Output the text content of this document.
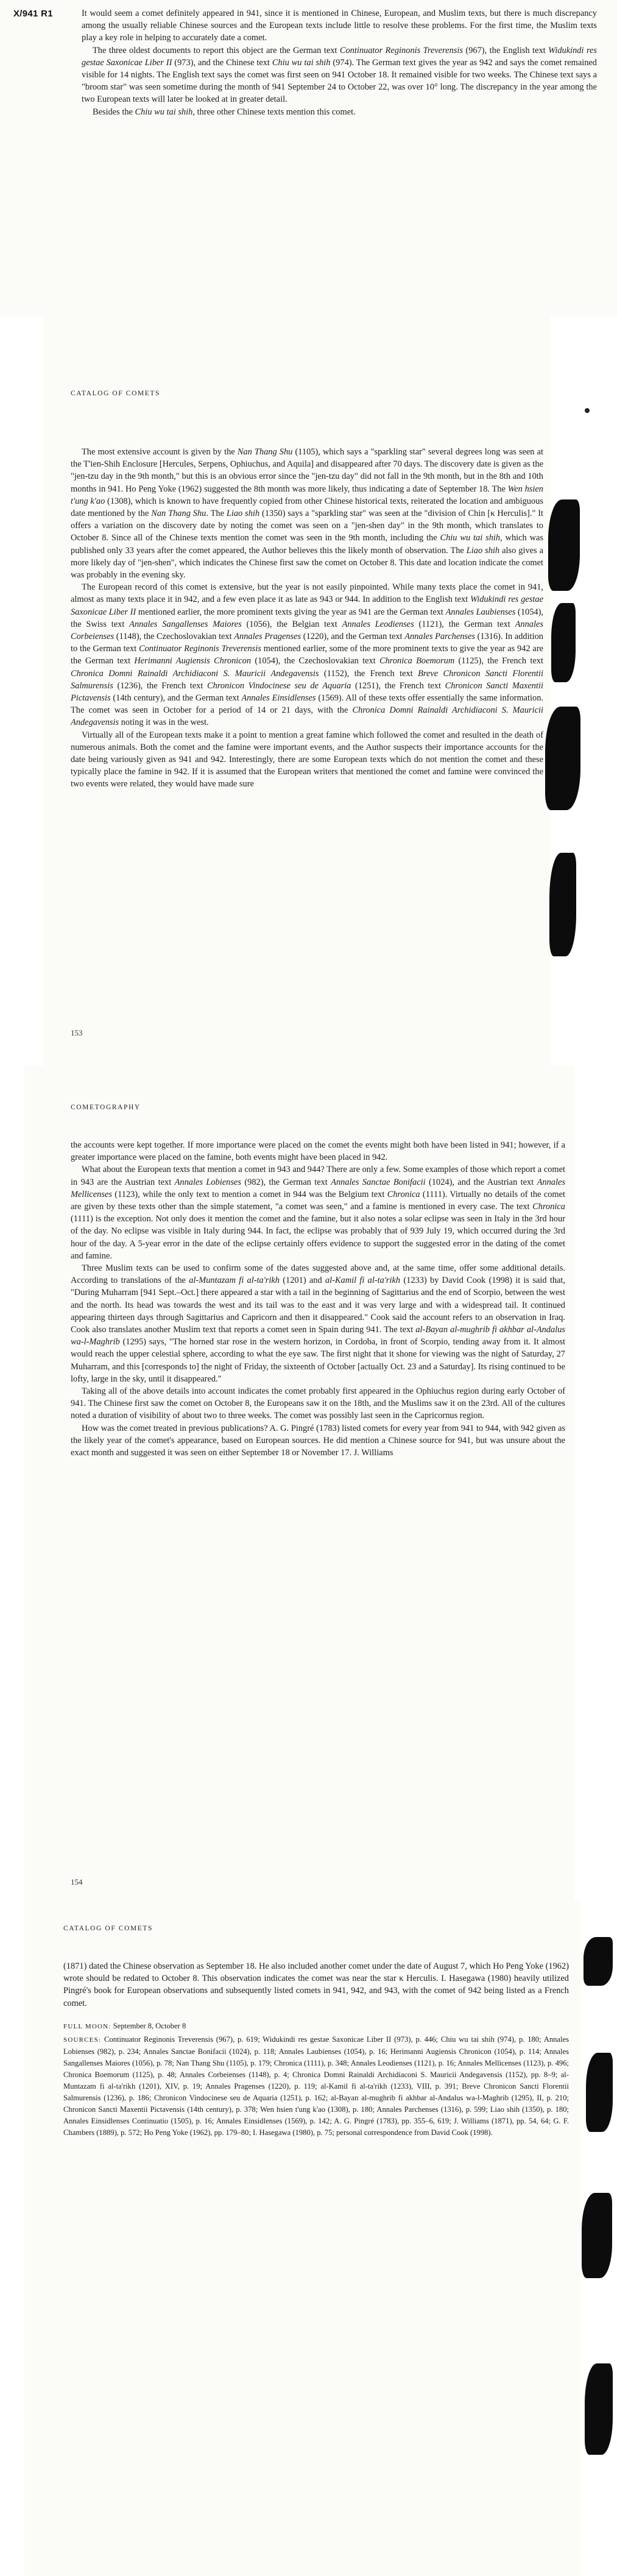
X/941 R1	It would seem a comet definitely appeared in 941, since it is mentioned in Chinese, European, and Muslim texts, but there is much discrepancy among the usually reliable Chinese sources and the European texts include little to resolve these problems. For the first time, the Muslim texts play a key role in helping to accurately date a comet.

The three oldest documents to report this object are the German text Continuator Reginonis Treverensis (967), the English text Widukindi res gestae Saxonicae Liber II (973), and the Chinese text Chiu wu tai shih (974). The German text gives the year as 942 and says the comet remained visible for 14 nights. The English text says the comet was first seen on 941 October 18. It remained visible for two weeks. The Chinese text says a "broom star" was seen sometime during the month of 941 September 24 to October 22, was over 10° long. The discrepancy in the year among the two European texts will later be looked at in greater detail.

Besides the Chiu wu tai shih, three other Chinese texts mention this comet.

CATALOG OF COMETS

The most extensive account is given by the Nan Thang Shu (1105), which says a "sparkling star" several degrees long was seen at the T'ien-Shih Enclosure [Hercules, Serpens, Ophiuchus, and Aquila] and disappeared after 70 days. The discovery date is given as the "jen-tzu day in the 9th month," but this is an obvious error since the "jen-tzu day" did not fall in the 9th month, but in the 8th and 10th months in 941. Ho Peng Yoke (1962) suggested the 8th month was more likely, thus indicating a date of September 18. The Wen hsien t'ung k'ao (1308), which is known to have frequently copied from other Chinese historical texts, reiterated the location and ambiguous date mentioned by the Nan Thang Shu. The Liao shih (1350) says a "sparkling star" was seen at the "division of Chin [κ Herculis]." It offers a variation on the discovery date by noting the comet was seen on a "jen-shen day" in the 9th month, which translates to October 8. Since all of the Chinese texts mention the comet was seen in the 9th month, including the Chiu wu tai shih, which was published only 33 years after the comet appeared, the Author believes this the likely month of observation. The Liao shih also gives a more likely day of "jen-shen", which indicates the Chinese first saw the comet on October 8. This date and location indicate the comet was probably in the evening sky.

The European record of this comet is extensive, but the year is not easily pinpointed. While many texts place the comet in 941, almost as many texts place it in 942, and a few even place it as late as 943 or 944. In addition to the English text Widukindi res gestae Saxonicae Liber II mentioned earlier, the more prominent texts giving the year as 941 are the German text Annales Laubienses (1054), the Swiss text Annales Sangallenses Maiores (1056), the Belgian text Annales Leodienses (1121), the German text Annales Corbeienses (1148), the Czechoslovakian text Annales Pragenses (1220), and the German text Annales Parchenses (1316). In addition to the German text Continuator Reginonis Treverensis mentioned earlier, some of the more prominent texts to give the year as 942 are the German text Herimanni Augiensis Chronicon (1054), the Czechoslovakian text Chronica Boemorum (1125), the French text Chronica Domni Rainaldi Archidiaconi S. Mauricii Andegavensis (1152), the French text Breve Chronicon Sancti Florentii Salmurensis (1236), the French text Chronicon Vindocinese seu de Aquaria (1251), the French text Chronicon Sancti Maxentii Pictavensis (14th century), and the German text Annales Einsidlenses (1569). All of these texts offer essentially the same information. The comet was seen in October for a period of 14 or 21 days, with the Chronica Domni Rainaldi Archidiaconi S. Mauricii Andegavensis noting it was in the west.

Virtually all of the European texts make it a point to mention a great famine which followed the comet and resulted in the death of numerous animals. Both the comet and the famine were important events, and the Author suspects their importance accounts for the date being variously given as 941 and 942. Interestingly, there are some European texts which do not mention the comet and these typically place the famine in 942. If it is assumed that the European writers that mentioned the comet and famine were convinced the two events were related, they would have made sure

153
COMETOGRAPHY

the accounts were kept together. If more importance were placed on the comet the events might both have been listed in 941; however, if a greater importance were placed on the famine, both events might have been placed in 942.

What about the European texts that mention a comet in 943 and 944? There are only a few. Some examples of those which report a comet in 943 are the Austrian text Annales Lobienses (982), the German text Annales Sanctae Bonifacii (1024), and the Austrian text Annales Mellicenses (1123), while the only text to mention a comet in 944 was the Belgium text Chronica (1111). Virtually no details of the comet are given by these texts other than the simple statement, "a comet was seen," and a famine is mentioned in every case. The text Chronica (1111) is the exception. Not only does it mention the comet and the famine, but it also notes a solar eclipse was seen in Italy in the 3rd hour of the day. No eclipse was visible in Italy during 944. In fact, the eclipse was probably that of 939 July 19, which occurred during the 3rd hour of the day. A 5-year error in the date of the eclipse certainly offers evidence to support the suggested error in the dating of the comet and famine.

Three Muslim texts can be used to confirm some of the dates suggested above and, at the same time, offer some additional details. According to translations of the al-Muntazam fi al-ta'rikh (1201) and al-Kamil fi al-ta'rikh (1233) by David Cook (1998) it is said that, "During Muharram [941 Sept.–Oct.] there appeared a star with a tail in the beginning of Sagittarius and the end of Scorpio, between the west and the north. Its head was towards the west and its tail was to the east and it was very large and with a widespread tail. It continued appearing thirteen days through Sagittarius and Capricorn and then it disappeared." Cook said the account refers to an observation in Iraq. Cook also translates another Muslim text that reports a comet seen in Spain during 941. The text al-Bayan al-mughrib fi akhbar al-Andalus wa-l-Maghrib (1295) says, "The horned star rose in the western horizon, in Cordoba, in front of Scorpio, tending away from it. It almost would reach the upper celestial sphere, according to what the eye saw. The first night that it shone for viewing was the night of Saturday, 27 Muharram, and this [corresponds to] the night of Friday, the sixteenth of October [actually Oct. 23 and a Saturday]. Its rising continued to be lofty, large in the sky, until it disappeared."

Taking all of the above details into account indicates the comet probably first appeared in the Ophiuchus region during early October of 941. The Chinese first saw the comet on October 8, the Europeans saw it on the 18th, and the Muslims saw it on the 23rd. All of the cultures noted a duration of visibility of about two to three weeks. The comet was possibly last seen in the Capricornus region.

How was the comet treated in previous publications? A. G. Pingré (1783) listed comets for every year from 941 to 944, with 942 given as the likely year of the comet's appearance, based on European sources. He did mention a Chinese source for 941, but was unsure about the exact month and suggested it was seen on either September 18 or November 17. J. Williams

154
CATALOG OF COMETS

(1871) dated the Chinese observation as September 18. He also included another comet under the date of August 7, which Ho Peng Yoke (1962) wrote should be redated to October 8. This observation indicates the comet was near the star κ Herculis. I. Hasegawa (1980) heavily utilized Pingré's book for European observations and subsequently listed comets in 941, 942, and 943, with the comet of 942 being listed as a French comet.

FULL MOON: September 8, October 8
SOURCES: Continuator Reginonis Treverensis (967), p. 619; Widukindi res gestae Saxonicae Liber II (973), p. 446; Chiu wu tai shih (974), p. 180; Annales Lobienses (982), p. 234; Annales Sanctae Bonifacii (1024), p. 118; Annales Laubienses (1054), p. 16; Herimanni Augiensis Chronicon (1054), p. 114; Annales Sangallenses Maiores (1056), p. 78; Nan Thang Shu (1105), p. 179; Chronica (1111), p. 348; Annales Leodienses (1121), p. 16; Annales Mellicenses (1123), p. 496; Chronica Boemorum (1125), p. 48; Annales Corbeienses (1148), p. 4; Chronica Domni Rainaldi Archidiaconi S. Mauricii Andegavensis (1152), pp. 8–9; al-Muntazam fi al-ta'rikh (1201), XIV, p. 19; Annales Pragenses (1220), p. 119; al-Kamil fi al-ta'rikh (1233), VIII, p. 391; Breve Chronicon Sancti Florentii Salmurensis (1236), p. 186; Chronicon Vindocinese seu de Aquaria (1251), p. 162; al-Bayan al-mughrib fi akhbar al-Andalus wa-l-Maghrib (1295), II, p. 210; Chronicon Sancti Maxentii Pictavensis (14th century), p. 378; Wen hsien t'ung k'ao (1308), p. 180; Annales Parchenses (1316), p. 599; Liao shih (1350), p. 180; Annales Einsidlenses Continuatio (1505), p. 16; Annales Einsidlenses (1569), p. 142; A. G. Pingré (1783), pp. 355–6, 619; J. Williams (1871), pp. 54, 64; G. F. Chambers (1889), p. 572; Ho Peng Yoke (1962), pp. 179–80; I. Hasegawa (1980), p. 75; personal correspondence from David Cook (1998).
